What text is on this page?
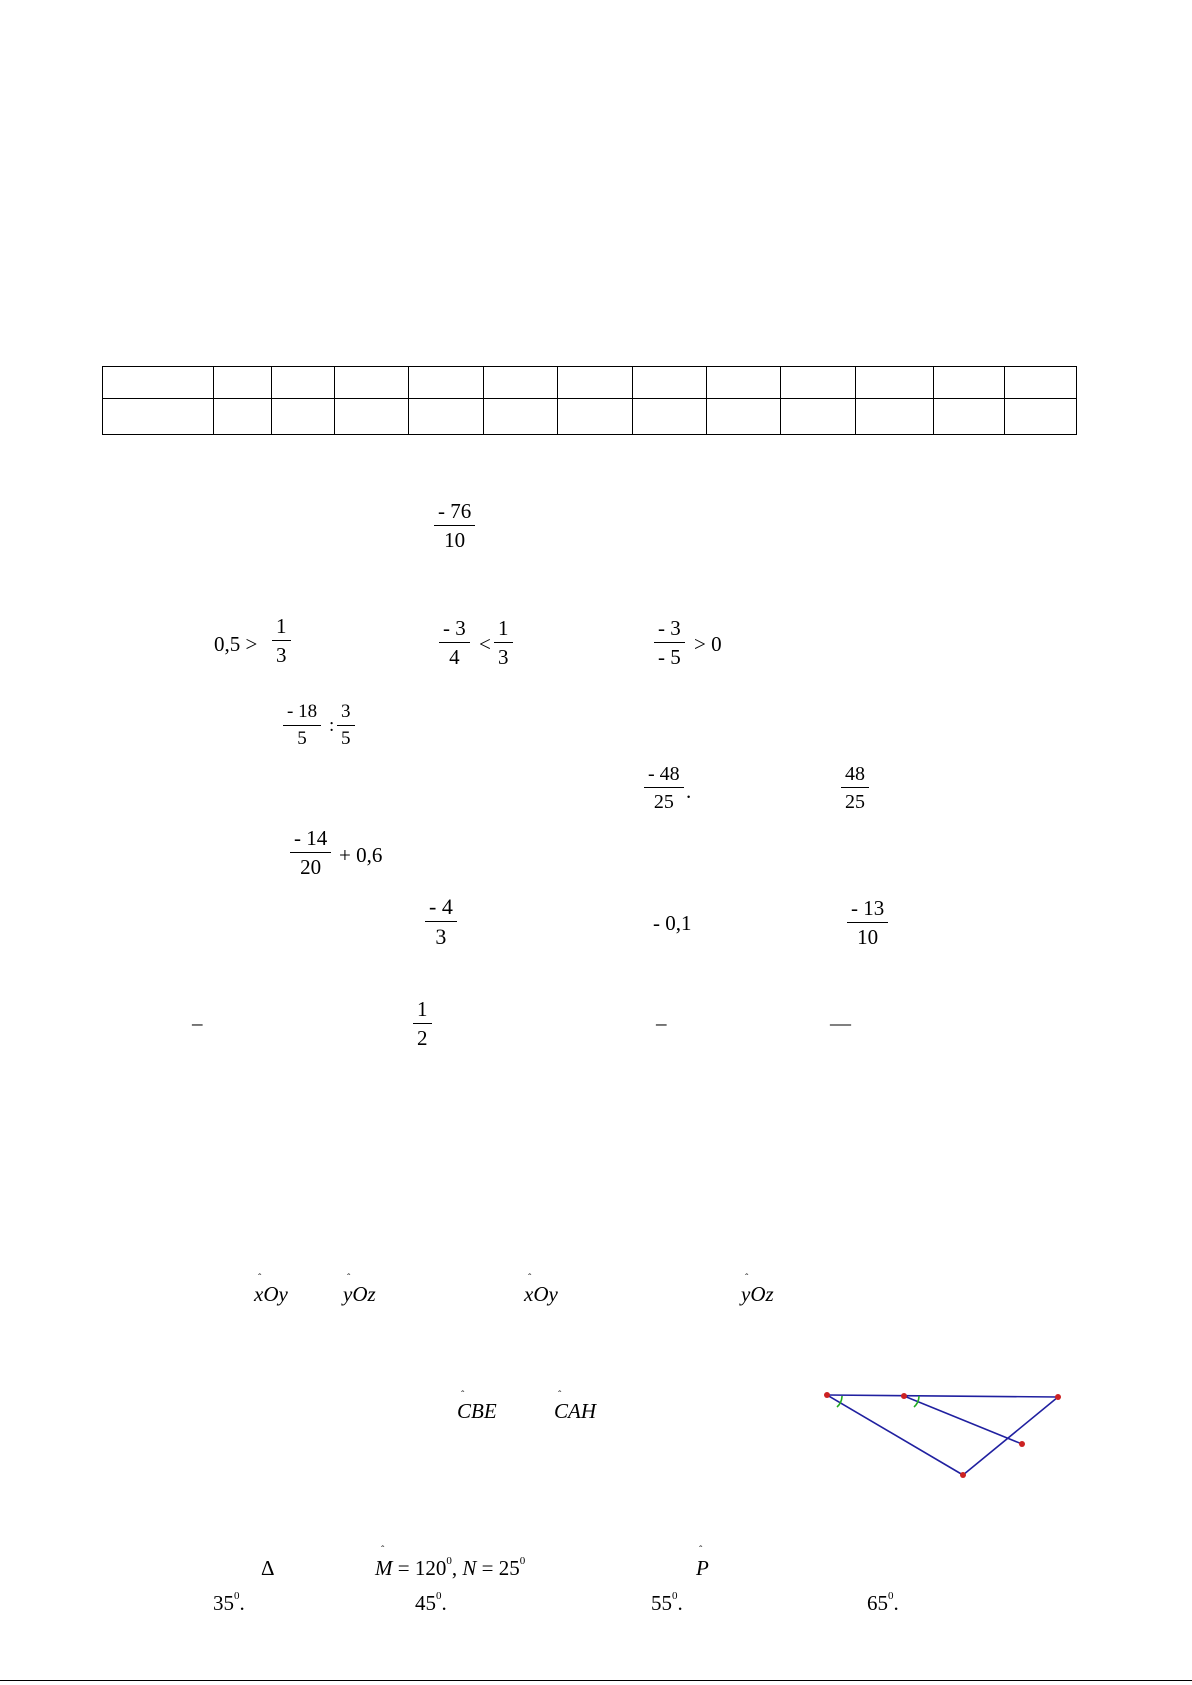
$\frac{- 76}{10}$
$0,5 > \frac{1}{3}$	$\frac{- 3}{4} < \frac{1}{3}$	$\frac{- 3}{- 5} > 0$
$\frac{- 18}{5}$ : $\frac{3}{5}$
$\frac{- 48}{25}$ .	$\frac{48}{25}$
$\frac{- 14}{20} + 0,6$
$\frac{- 4}{3}$	- 0,1	$\frac{- 13}{10}$
–	$\frac{1}{2}$	–	—
ˆ
xOy
ˆ
yOz
ˆ
xOy
ˆ
yOz
ˆ
CBE
ˆ
CAH
Δ
ˆ
$M = 120^0$, $N = 25^0$
ˆ
P
$35^0$.	$45^0$.	$55^0$.	$65^0$.
